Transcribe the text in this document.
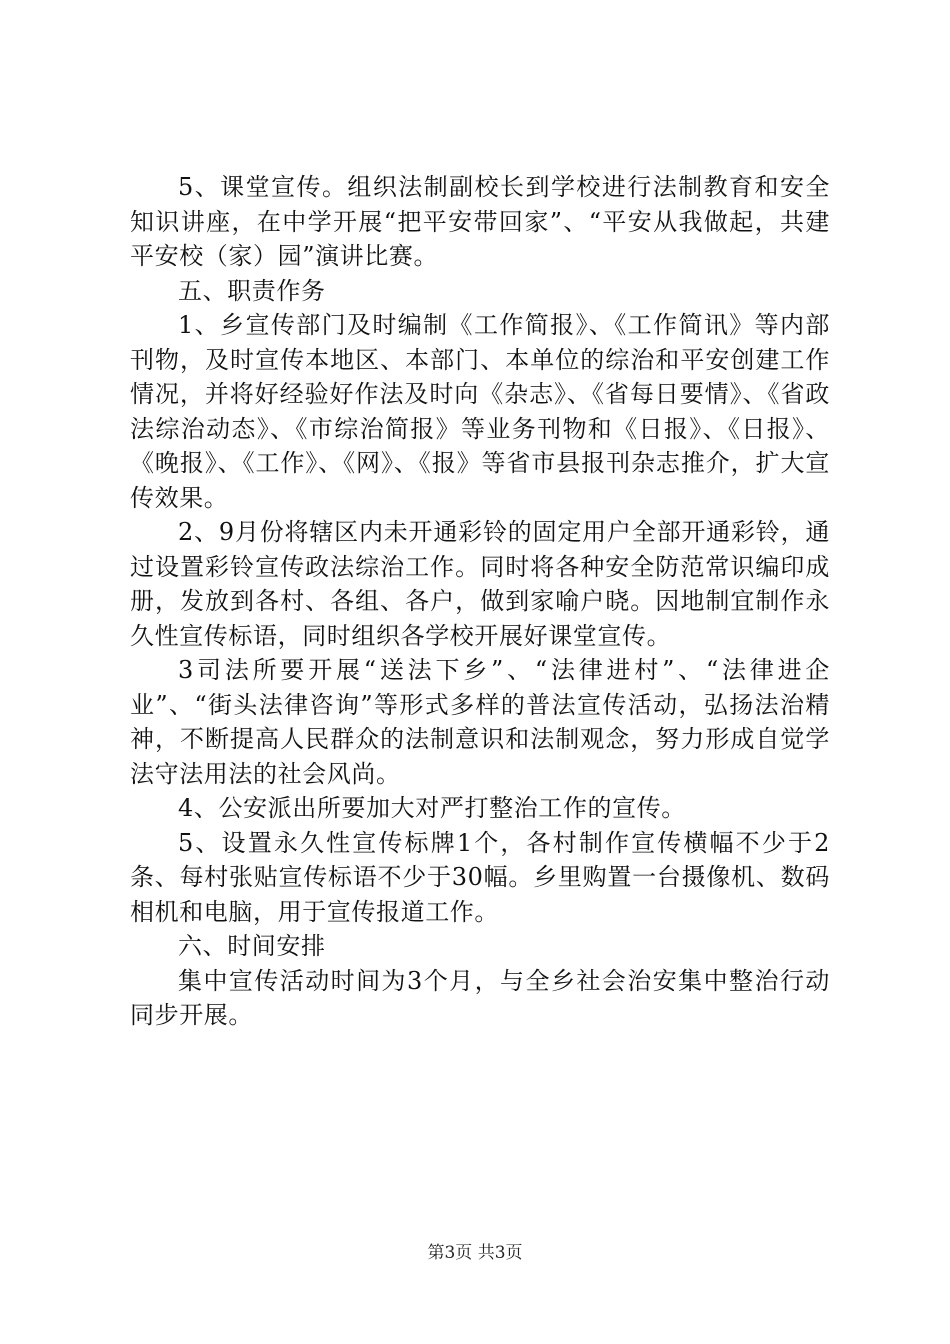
5、课堂宣传。组织法制副校长到学校进行法制教育和安全知识讲座，在中学开展“把平安带回家”、“平安从我做起，共建平安校（家）园”演讲比赛。

五、职责作务

1、乡宣传部门及时编制《工作简报》、《工作简讯》等内部刊物，及时宣传本地区、本部门、本单位的综治和平安创建工作情况，并将好经验好作法及时向《杂志》、《省每日要情》、《省政法综治动态》、《市综治简报》等业务刊物和《日报》、《日报》、《晚报》、《工作》、《网》、《报》等省市县报刊杂志推介，扩大宣传效果。

2、9月份将辖区内未开通彩铃的固定用户全部开通彩铃，通过设置彩铃宣传政法综治工作。同时将各种安全防范常识编印成册，发放到各村、各组、各户，做到家喻户晓。因地制宜制作永久性宣传标语，同时组织各学校开展好课堂宣传。

3司法所要开展“送法下乡”、“法律进村”、“法律进企业”、“街头法律咨询”等形式多样的普法宣传活动，弘扬法治精神，不断提高人民群众的法制意识和法制观念，努力形成自觉学法守法用法的社会风尚。

4、公安派出所要加大对严打整治工作的宣传。

5、设置永久性宣传标牌1个，各村制作宣传横幅不少于2条、每村张贴宣传标语不少于30幅。乡里购置一台摄像机、数码相机和电脑，用于宣传报道工作。

六、时间安排

集中宣传活动时间为3个月，与全乡社会治安集中整治行动同步开展。

第3页 共3页
